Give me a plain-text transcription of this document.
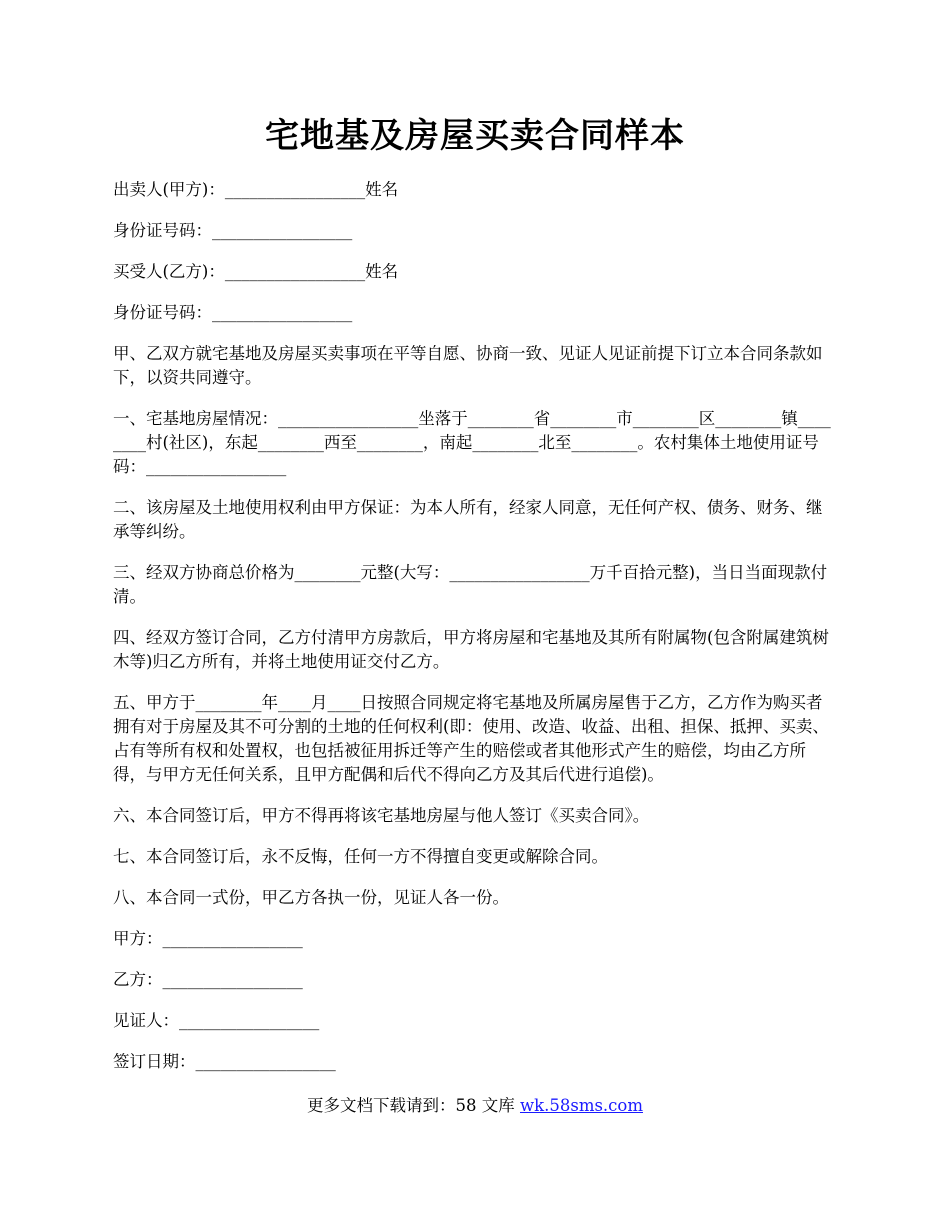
宅地基及房屋买卖合同样本

出卖人(甲方)：_________________姓名

身份证号码：_________________

买受人(乙方)：_________________姓名

身份证号码：_________________

甲、乙双方就宅基地及房屋买卖事项在平等自愿、协商一致、见证人见证前提下订立本合同条款如下，以资共同遵守。

一、宅基地房屋情况：_________________坐落于________省________市________区________镇________村(社区)，东起________西至________，南起________北至________。农村集体土地使用证号码：_________________

二、该房屋及土地使用权利由甲方保证：为本人所有，经家人同意，无任何产权、债务、财务、继承等纠纷。

三、经双方协商总价格为________元整(大写：_________________万千百拾元整)，当日当面现款付清。

四、经双方签订合同，乙方付清甲方房款后，甲方将房屋和宅基地及其所有附属物(包含附属建筑树木等)归乙方所有，并将土地使用证交付乙方。

五、甲方于________年____月____日按照合同规定将宅基地及所属房屋售于乙方，乙方作为购买者拥有对于房屋及其不可分割的土地的任何权利(即：使用、改造、收益、出租、担保、抵押、买卖、占有等所有权和处置权，也包括被征用拆迁等产生的赔偿或者其他形式产生的赔偿，均由乙方所得，与甲方无任何关系，且甲方配偶和后代不得向乙方及其后代进行追偿)。

六、本合同签订后，甲方不得再将该宅基地房屋与他人签订《买卖合同》。

七、本合同签订后，永不反悔，任何一方不得擅自变更或解除合同。

八、本合同一式份，甲乙方各执一份，见证人各一份。

甲方：_________________

乙方：_________________

见证人：_________________

签订日期：_________________

更多文档下载请到：58 文库 wk.58sms.com
